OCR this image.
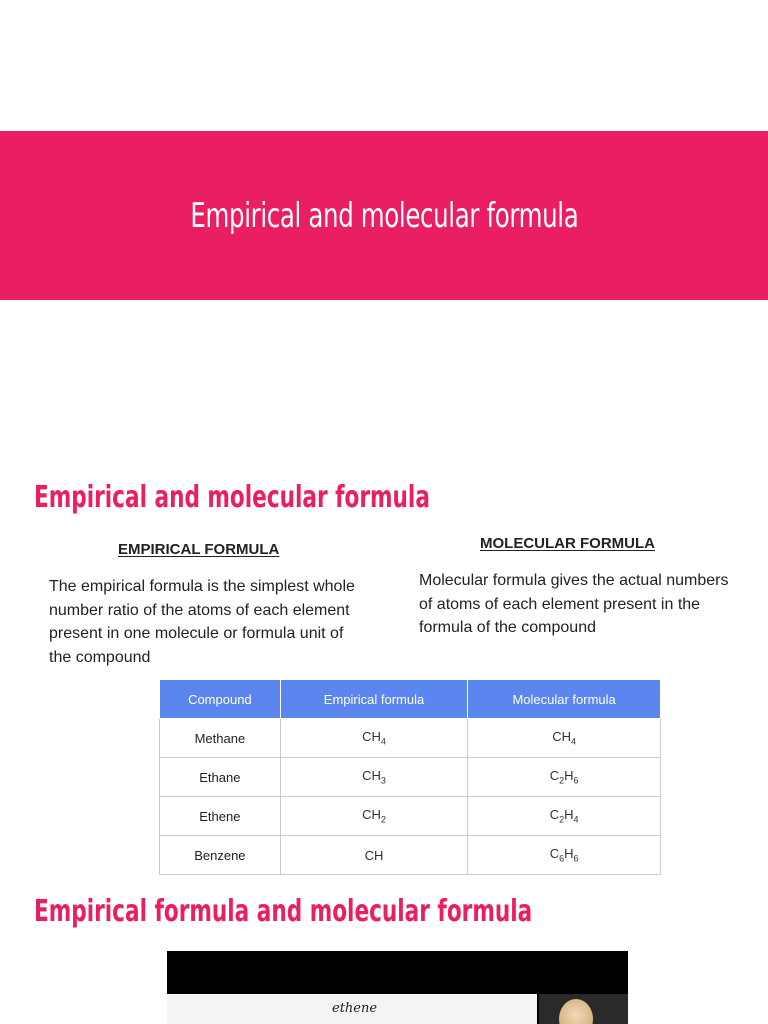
Empirical and molecular formula
Empirical and molecular formula

EMPIRICAL FORMULA	MOLECULAR FORMULA

The empirical formula is the simplest whole number ratio of the atoms of each element present in one molecule or formula unit of the compound

Molecular formula gives the actual numbers of atoms of each element present in the formula of the compound

Compound	Empirical formula	Molecular formula
Methane	$CH_4$	$CH_4$
Ethane	$CH_3$	$C_2H_6$
Ethene	$CH_2$	$C_2H_4$
Benzene	CH	$C_6H_6$
Empirical formula and molecular formula
ethene
